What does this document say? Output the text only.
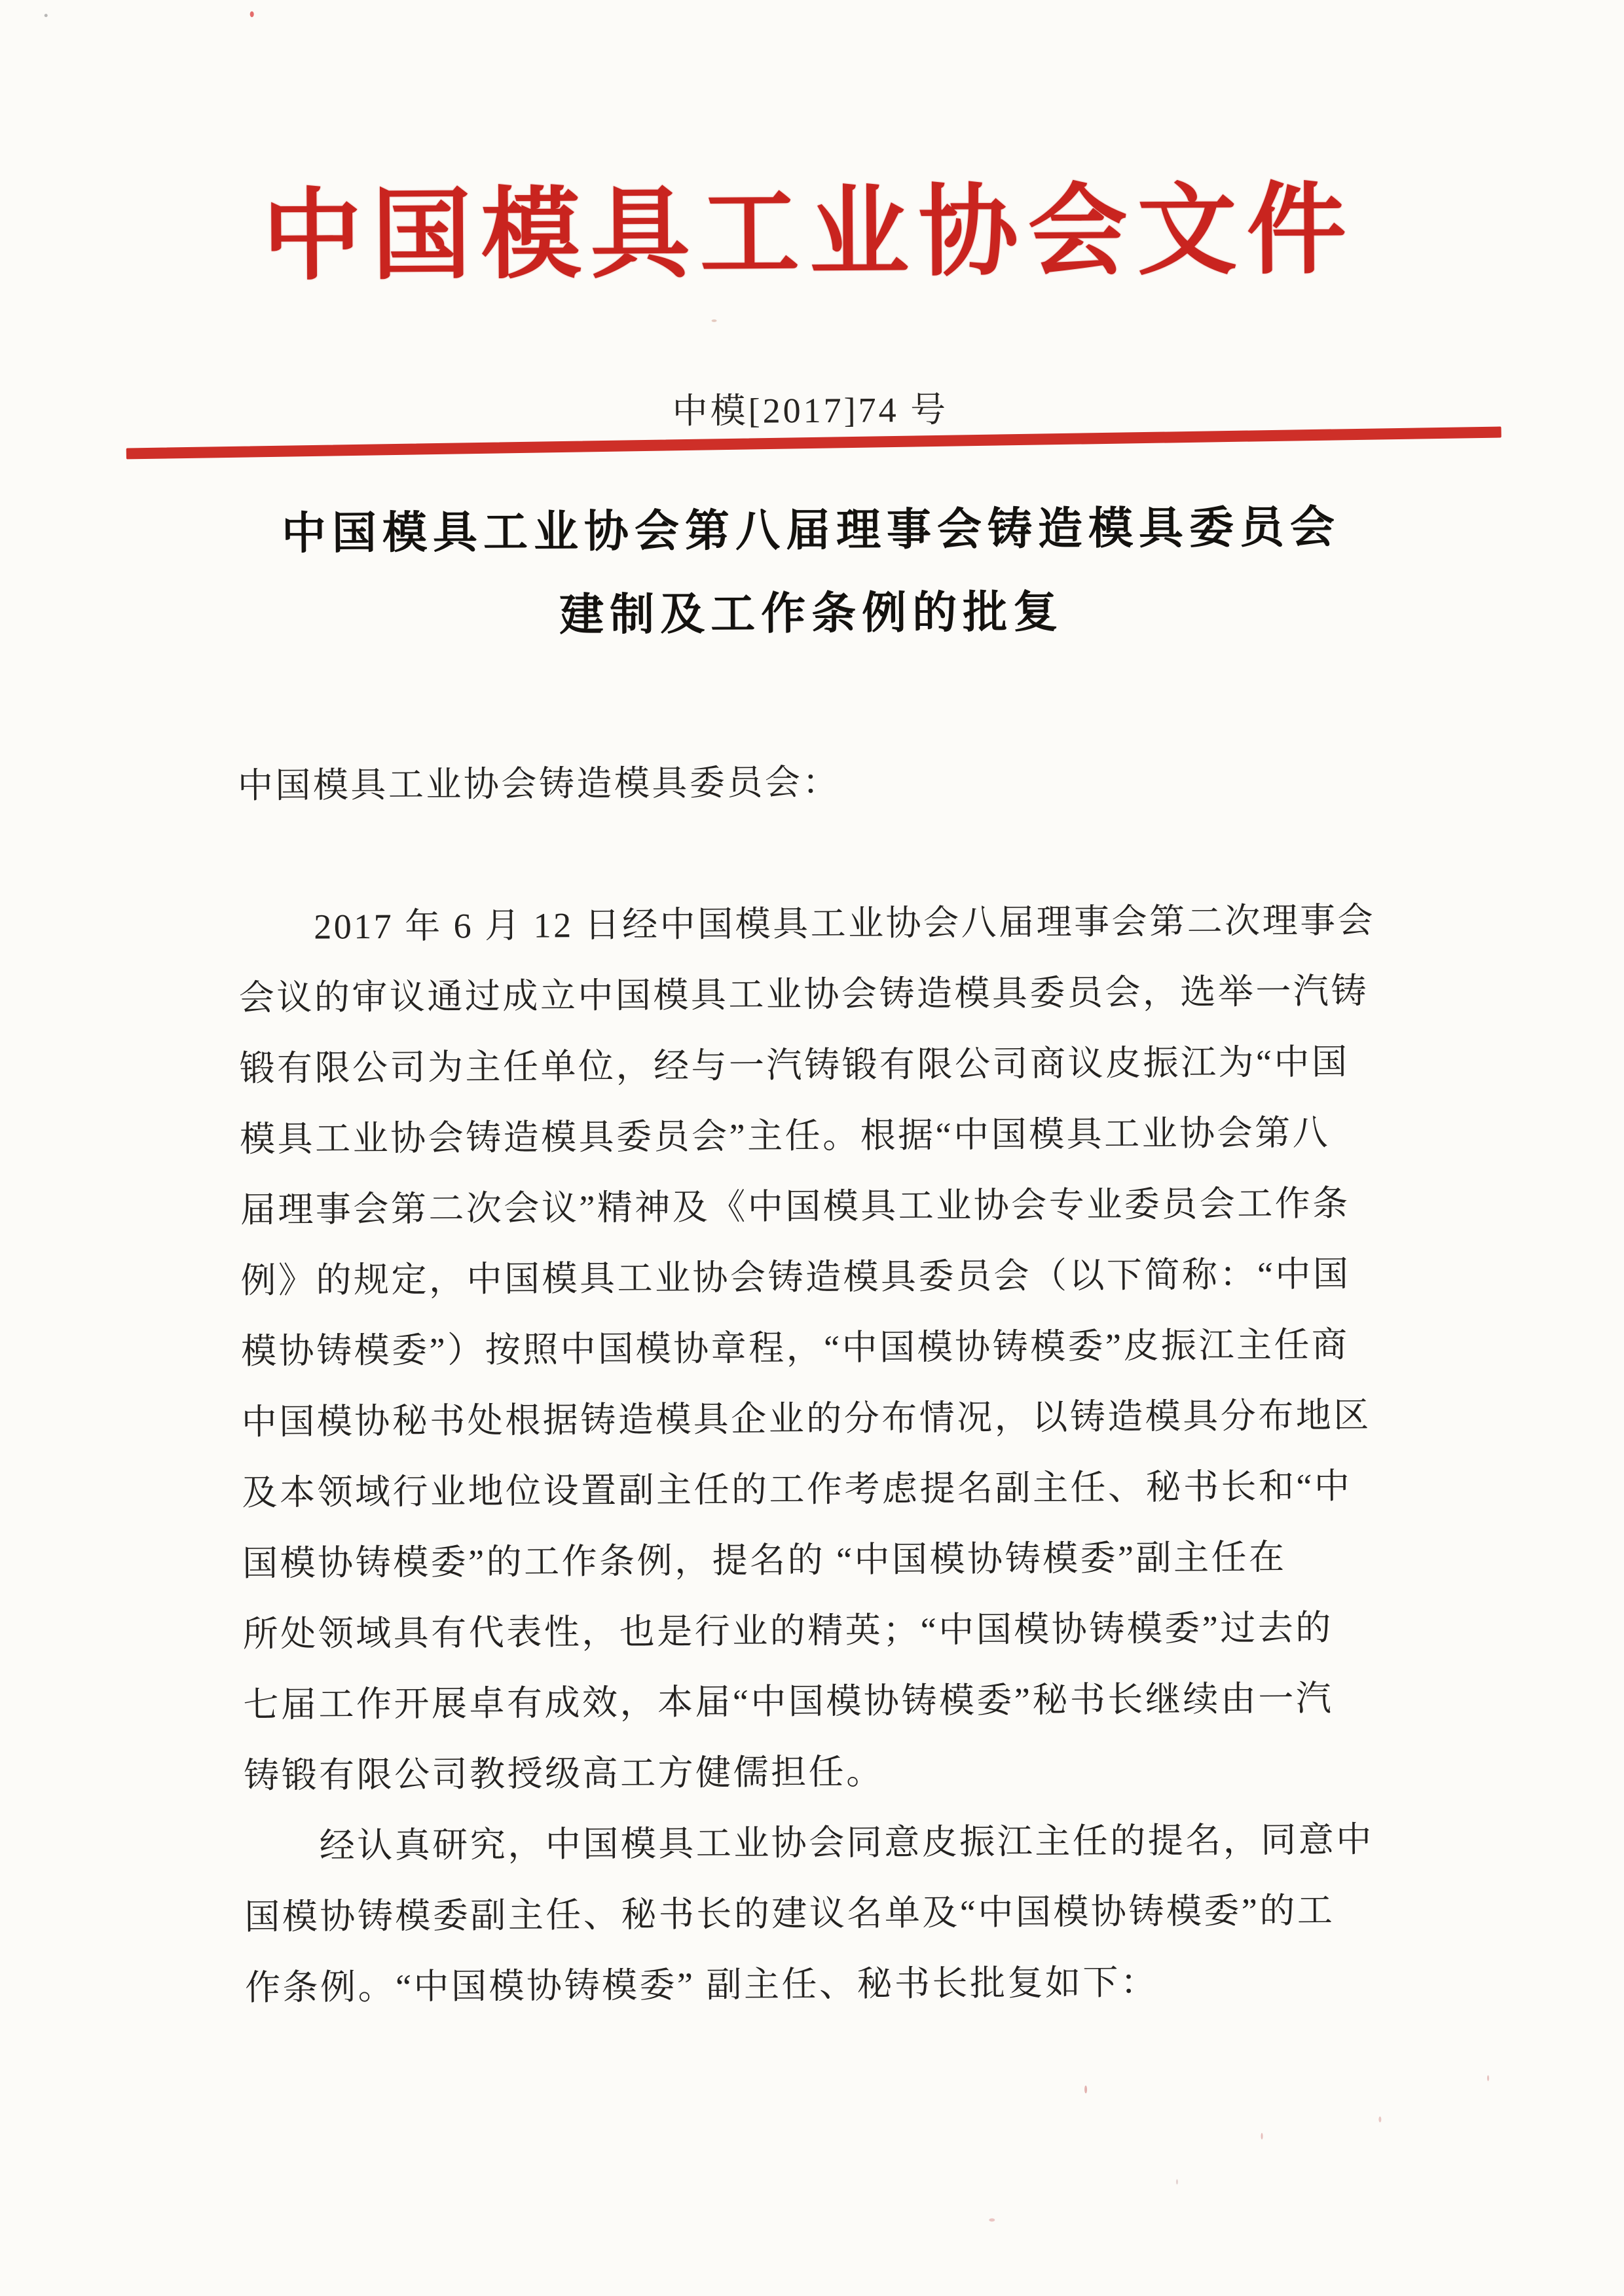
中国模具工业协会文件
中模[2017]74 号
中国模具工业协会第八届理事会铸造模具委员会
建制及工作条例的批复

中国模具工业协会铸造模具委员会：

　　2017 年 6 月 12 日经中国模具工业协会八届理事会第二次理事会

会议的审议通过成立中国模具工业协会铸造模具委员会，选举一汽铸

锻有限公司为主任单位，经与一汽铸锻有限公司商议皮振江为“中国

模具工业协会铸造模具委员会”主任。根据“中国模具工业协会第八

届理事会第二次会议”精神及《中国模具工业协会专业委员会工作条

例》的规定，中国模具工业协会铸造模具委员会（以下简称：“中国

模协铸模委”）按照中国模协章程，“中国模协铸模委”皮振江主任商

中国模协秘书处根据铸造模具企业的分布情况，以铸造模具分布地区

及本领域行业地位设置副主任的工作考虑提名副主任、秘书长和“中

国模协铸模委”的工作条例，提名的 “中国模协铸模委”副主任在

所处领域具有代表性，也是行业的精英；“中国模协铸模委”过去的

七届工作开展卓有成效，本届“中国模协铸模委”秘书长继续由一汽

铸锻有限公司教授级高工方健儒担任。

　　经认真研究，中国模具工业协会同意皮振江主任的提名，同意中

国模协铸模委副主任、秘书长的建议名单及“中国模协铸模委”的工

作条例。“中国模协铸模委” 副主任、秘书长批复如下：
